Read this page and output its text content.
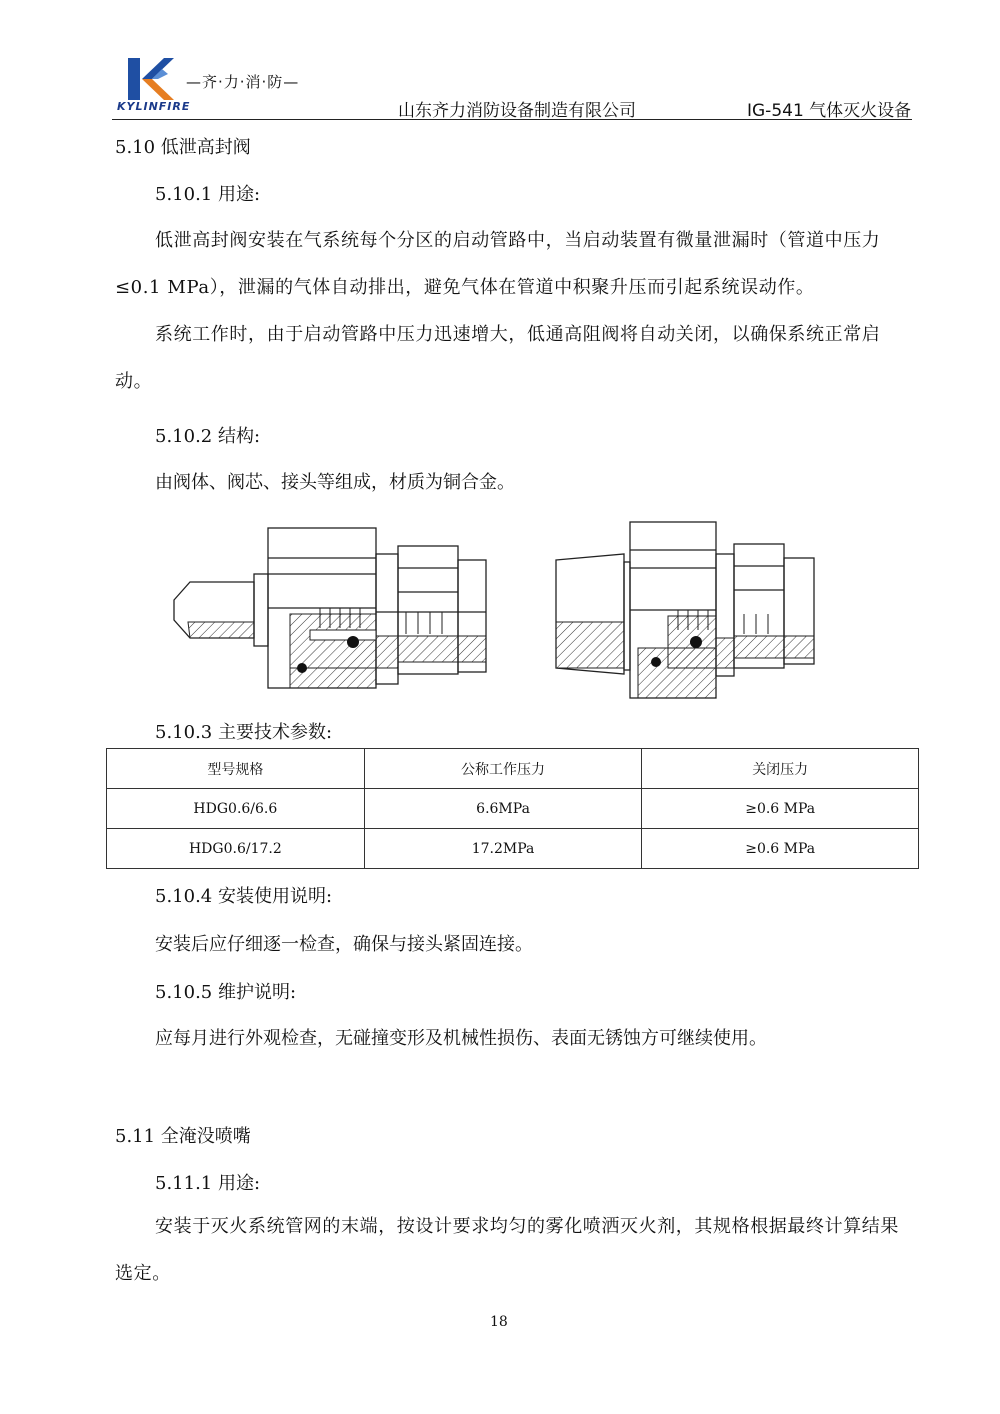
—齐·力·消·防—
KYLINFIRE	山东齐力消防设备制造有限公司	IG-541 气体灭火设备
5.10 低泄高封阀
5.10.1 用途:
低泄高封阀安装在气系统每个分区的启动管路中，当启动装置有微量泄漏时（管道中压力≤0.1 MPa），泄漏的气体自动排出，避免气体在管道中积聚升压而引起系统误动作。
系统工作时，由于启动管路中压力迅速增大，低通高阻阀将自动关闭，以确保系统正常启动。
5.10.2 结构:
由阀体、阀芯、接头等组成，材质为铜合金。
5.10.3 主要技术参数:
型号规格	公称工作压力	关闭压力
HDG0.6/6.6	6.6MPa	≥0.6 MPa
HDG0.6/17.2	17.2MPa	≥0.6 MPa
5.10.4 安装使用说明:
安装后应仔细逐一检查，确保与接头紧固连接。
5.10.5 维护说明:
应每月进行外观检查，无碰撞变形及机械性损伤、表面无锈蚀方可继续使用。
5.11 全淹没喷嘴
5.11.1 用途:
安装于灭火系统管网的末端，按设计要求均匀的雾化喷洒灭火剂，其规格根据最终计算结果选定。
18
